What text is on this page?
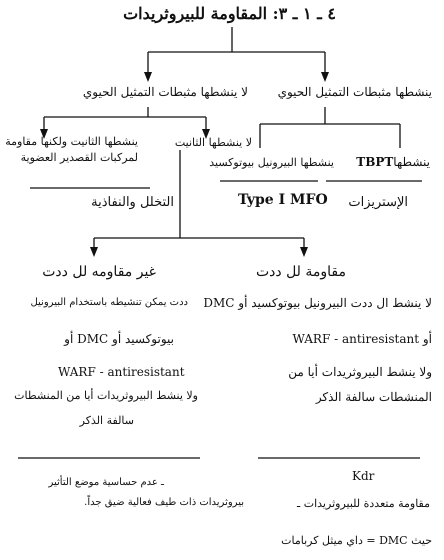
٤ ـ ١ ـ ٣: المقاومة للبيروثريدات
ينشطها مثبطات التمثيل الحيوي
لا ينشطها مثبطات التمثيل الحيوي
ينشطها الثانيت ولكنها مقاومة
لمركبات القصدير العضوية
لا ينشطها الثانيت
ينشطها البيرونيل بيوتوكسيد	ينشطهاTBPT
التخلل والنفاذية	Type I MFO الإستريزات
مقاومة لل ددت
غير مقاومه لل ددت
لا ينشط ال ددت البيرونيل بيوتوكسيد أو DMC
أو WARF - antiresistant
ولا ينشط البيروثريدات أيا من
المنشطات سالفة الذكر
ددت يمكن تنشيطه باستخدام البيرونيل
بيوتوكسيد أو DMC أو
WARF - antiresistant
ولا ينشط البيروثريدات أيا من المنشطات
سالفة الذكر
Kdr
مقاومة متعددة للبيروثريدات ـ
ـ عدم حساسية موضع التأثير
بيروثريدات ذات طيف فعالية ضيق جداً.
حيث DMC = داي ميثل كربامات
